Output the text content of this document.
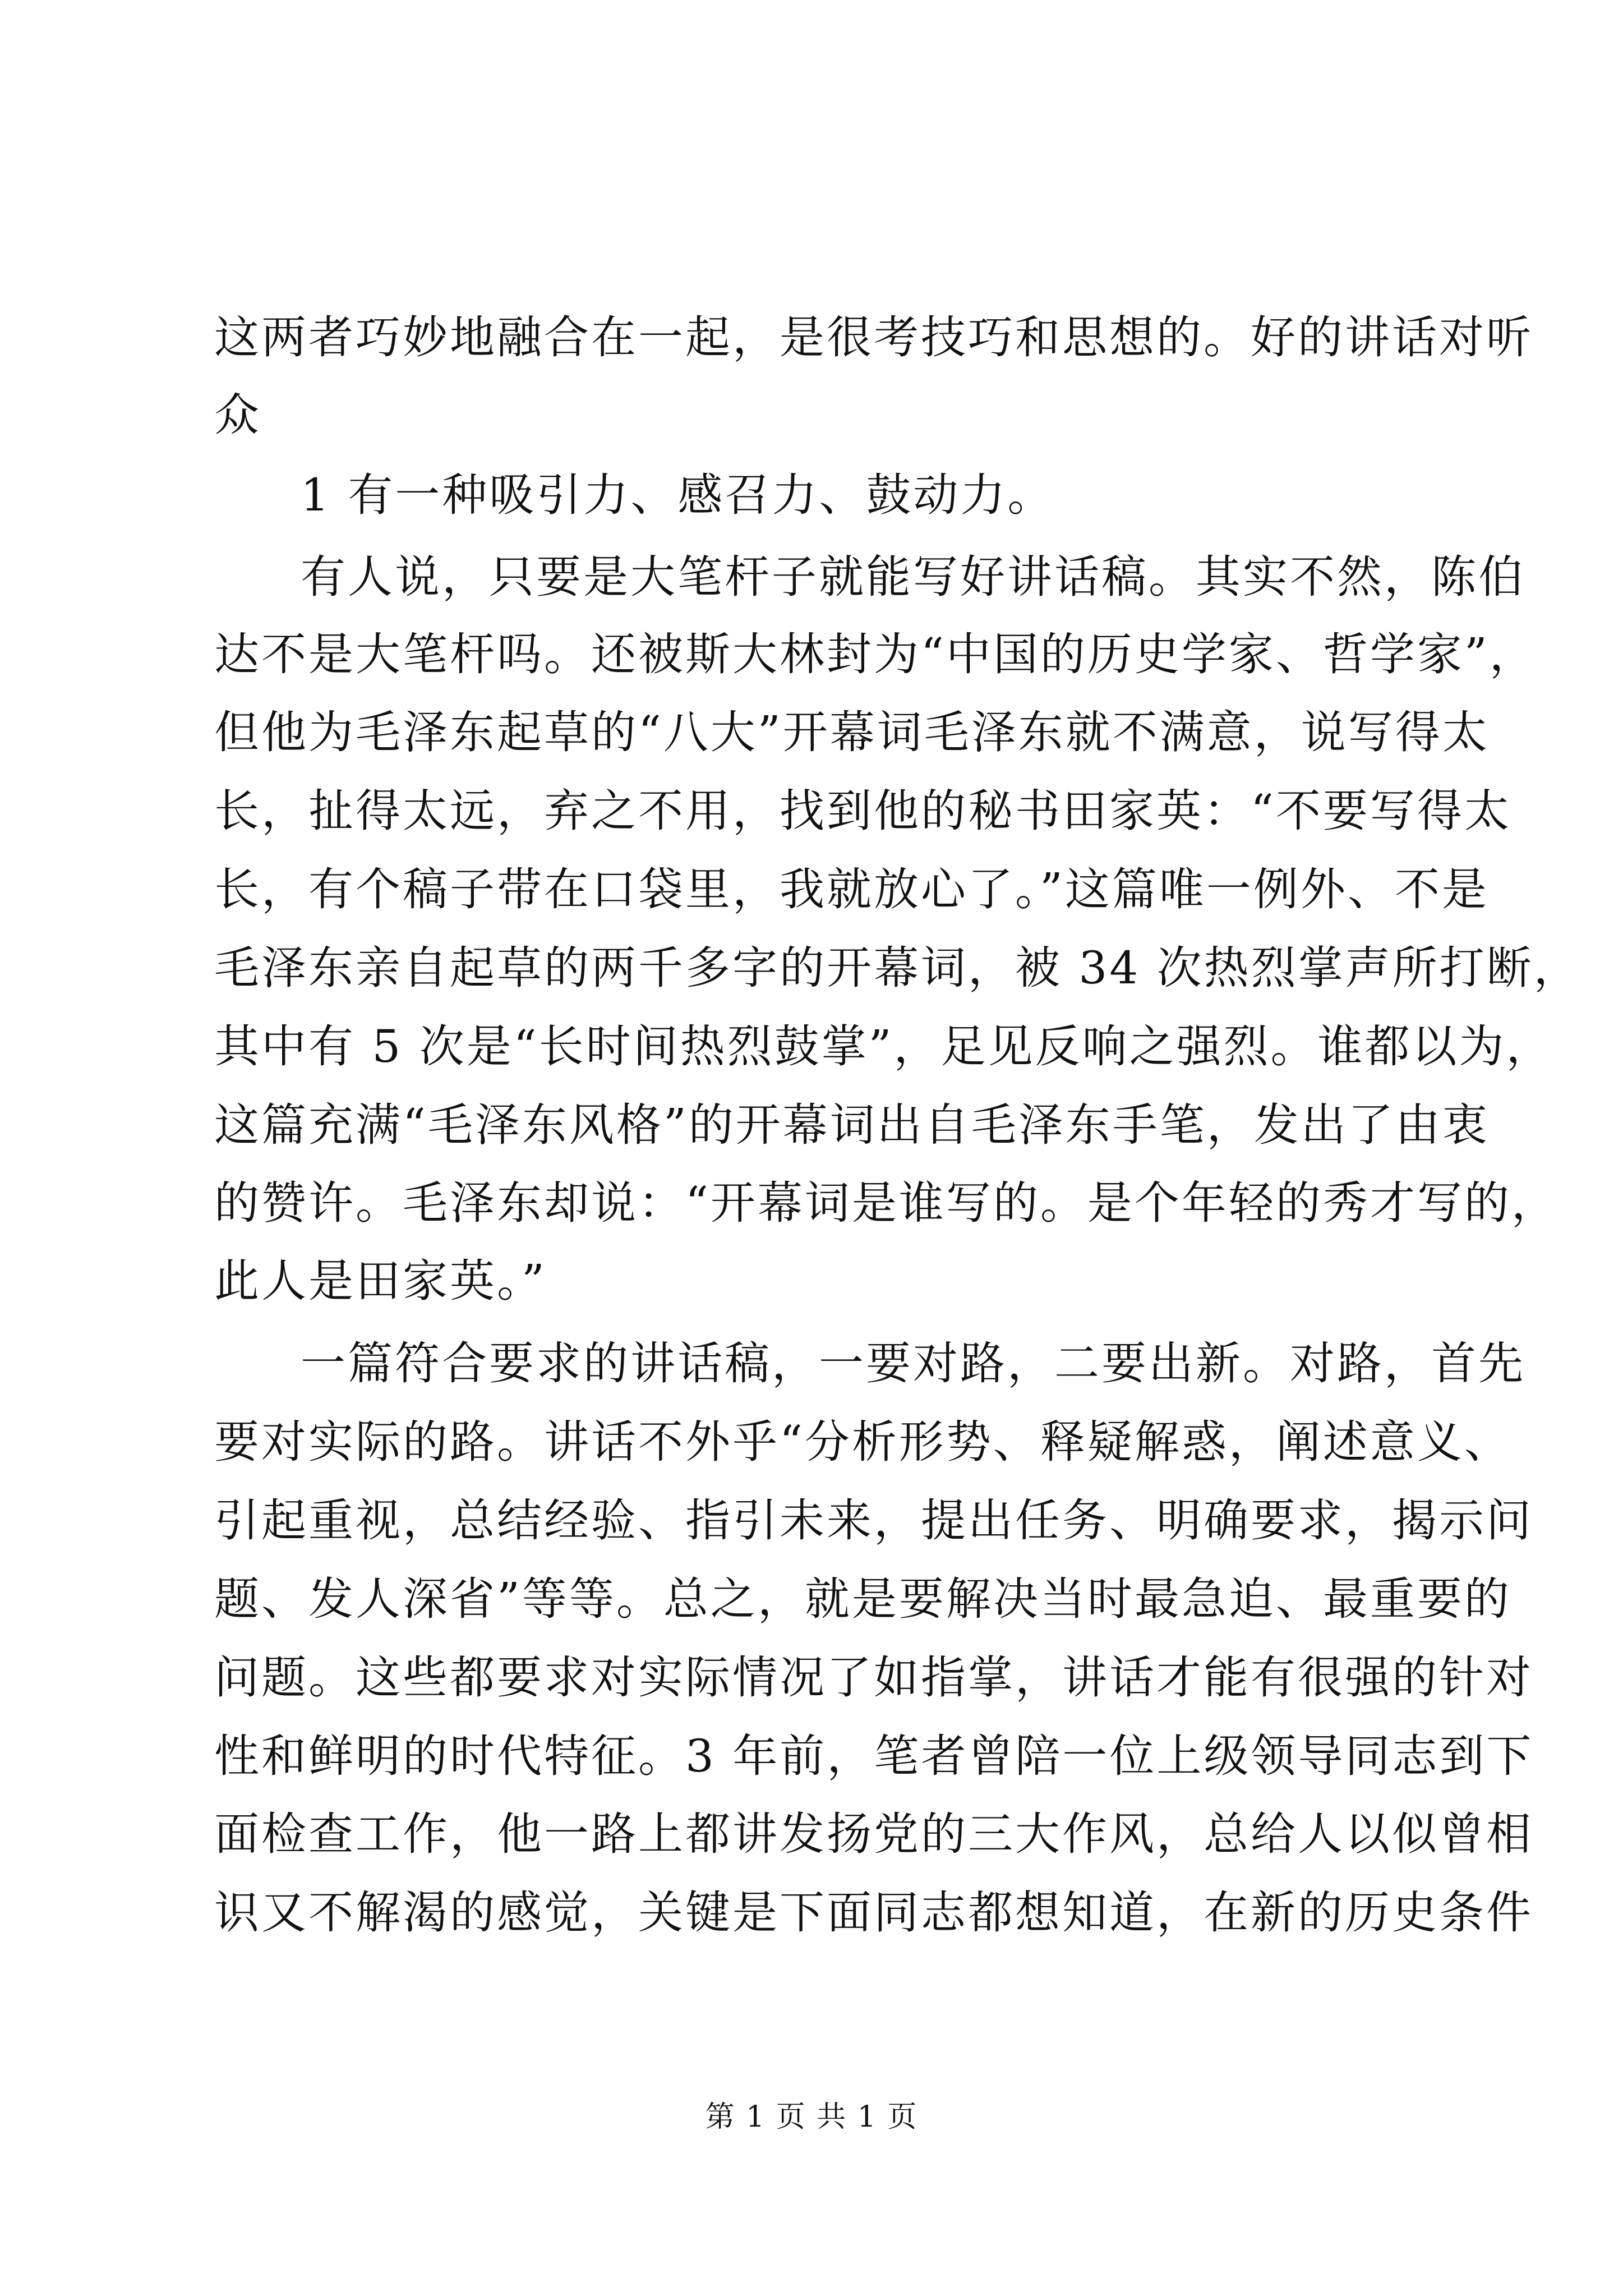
这两者巧妙地融合在一起，是很考技巧和思想的。好的讲话对听
众
1 有一种吸引力、感召力、鼓动力。
有人说，只要是大笔杆子就能写好讲话稿。其实不然，陈伯
达不是大笔杆吗。还被斯大林封为“中国的历史学家、哲学家”，
但他为毛泽东起草的“八大”开幕词毛泽东就不满意，说写得太
长，扯得太远，弃之不用，找到他的秘书田家英：“不要写得太
长，有个稿子带在口袋里，我就放心了。”这篇唯一例外、不是
毛泽东亲自起草的两千多字的开幕词，被 34 次热烈掌声所打断，
其中有 5 次是“长时间热烈鼓掌”，足见反响之强烈。谁都以为，
这篇充满“毛泽东风格”的开幕词出自毛泽东手笔，发出了由衷
的赞许。毛泽东却说：“开幕词是谁写的。是个年轻的秀才写的，
此人是田家英。”
一篇符合要求的讲话稿，一要对路，二要出新。对路，首先
要对实际的路。讲话不外乎“分析形势、释疑解惑，阐述意义、
引起重视，总结经验、指引未来，提出任务、明确要求，揭示问
题、发人深省”等等。总之，就是要解决当时最急迫、最重要的
问题。这些都要求对实际情况了如指掌，讲话才能有很强的针对
性和鲜明的时代特征。3 年前，笔者曾陪一位上级领导同志到下
面检查工作，他一路上都讲发扬党的三大作风，总给人以似曾相
识又不解渴的感觉，关键是下面同志都想知道，在新的历史条件
第 1 页 共 1 页
